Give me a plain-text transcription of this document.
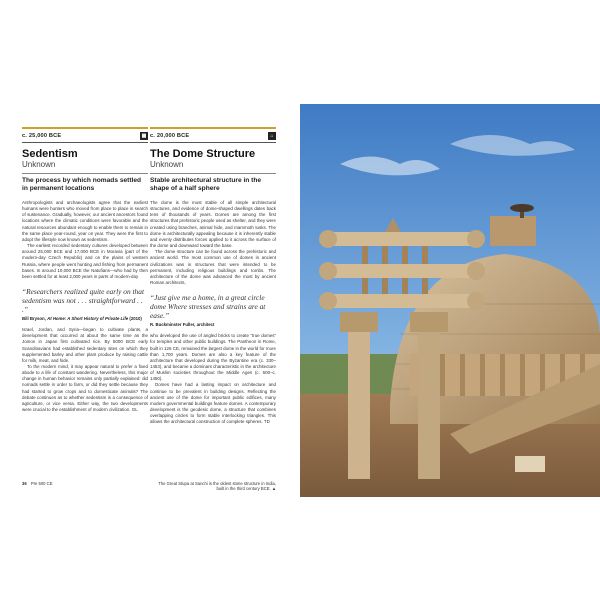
c. 25,000 BCE	▦
Sedentism
Unknown
The process by which nomads settled in permanent locations

Anthropologists and archaeologists agree that the earliest humans were hunters who moved from place to place in search of sustenance. Gradually, however, our ancient ancestors found locations where the climatic conditions were favorable and the natural resources abundant enough to enable them to remain in the same place year-round, year on year. They were the first to adopt the lifestyle now known as sedentism.

The earliest recorded sedentary cultures developed between around 25,000 BCE and 17,000 BCE in Moravia (part of the modern-day Czech Republic) and on the plains of western Russia, where people went hunting and fishing from permanent bases. In around 10,000 BCE the Natufians—who had by then been settled for at least 2,000 years in parts of modern-day

“Researchers realized quite early on that sedentism was not . . . straightforward . . .”
Bill Bryson, At Home: A Short History of Private Life (2010)

Israel, Jordan, and Syria—began to cultivate plants, a development that occurred at about the same time as the Jomon in Japan first cultivated rice. By 5000 BCE early Scandinavians had established sedentary sites on which they supplemented barley and other plant produce by raising cattle for milk, meat, and hide.

To the modern mind, it may appear natural to prefer a fixed abode to a life of constant wandering. Nevertheless, this major change in human behavior remains only partially explained: did nomads settle in order to farm, or did they settle because they had started to grow crops and to domesticate animals? The debate continues as to whether sedentism is a consequence of agriculture, or vice versa. Either way, the two developments were crucial to the establishment of modern civilization. GL

c. 20,000 BCE	⌂
The Dome Structure
Unknown
Stable architectural structure in the shape of a half sphere

The dome is the most stable of all simple architectural structures, and evidence of dome-shaped dwellings dates back tens of thousands of years. Domes are among the first structures that prehistoric people used as shelter, and they were created using branches, animal hide, and mammoth tusks. The dome is architecturally appealing because it is inherently stable and evenly distributes forces applied to it across the surface of the dome and downward toward the base.

The dome structure can be found across the prehistoric and ancient world. The most common use of domes in ancient civilizations was in structures that were intended to be permanent, including religious buildings and tombs. The architecture of the dome was advanced the most by ancient Roman architects,

“Just give me a home, in a great circle dome Where stresses and strains are at ease.”
R. Buckminster Fuller, architect

who developed the use of angled bricks to create “true domes” for temples and other public buildings. The Pantheon in Rome, built in 126 CE, remained the largest dome in the world for more than 1,700 years. Domes are also a key feature of the architecture that developed during the Byzantine era (c. 330–1453), and became a dominant characteristic in the architecture of Muslim societies throughout the Middle Ages (c. 500–c. 1450).

Domes have had a lasting impact on architecture and continue to be prevalent in building designs. Reflecting the ancient use of the dome for important public edifices, many modern governmental buildings feature domes. A contemporary development is the geodesic dome, a structure that combines overlapping circles to form stable interlocking triangles. This allows the architectural construction of complete spheres. TD

36 Pre 500 CE	The Great Stupa at Sanchi is the oldest stone structure in India, built in the third century BCE. ▲
